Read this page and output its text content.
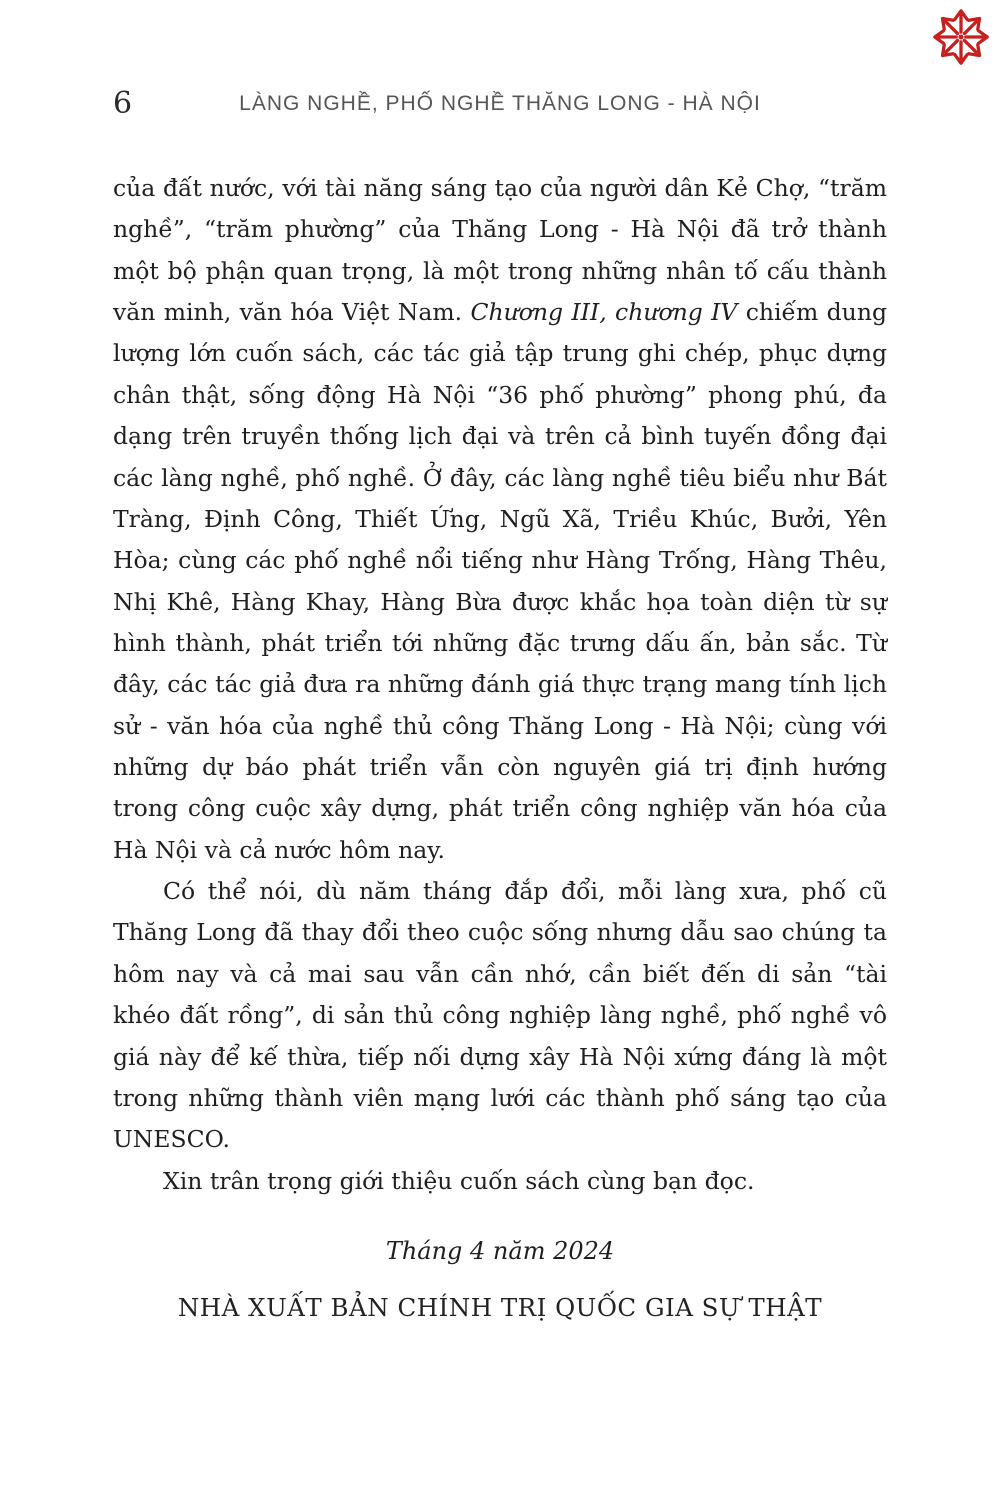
6	LÀNG NGHỀ, PHỐ NGHỀ THĂNG LONG - HÀ NỘI

của đất nước, với tài năng sáng tạo của người dân Kẻ Chợ, “trăm nghề”, “trăm phường” của Thăng Long - Hà Nội đã trở thành một bộ phận quan trọng, là một trong những nhân tố cấu thành văn minh, văn hóa Việt Nam. Chương III, chương IV chiếm dung lượng lớn cuốn sách, các tác giả tập trung ghi chép, phục dựng chân thật, sống động Hà Nội “36 phố phường” phong phú, đa dạng trên truyền thống lịch đại và trên cả bình tuyến đồng đại các làng nghề, phố nghề. Ở đây, các làng nghề tiêu biểu như Bát Tràng, Định Công, Thiết Ứng, Ngũ Xã, Triều Khúc, Bưởi, Yên Hòa; cùng các phố nghề nổi tiếng như Hàng Trống, Hàng Thêu, Nhị Khê, Hàng Khay, Hàng Bừa được khắc họa toàn diện từ sự hình thành, phát triển tới những đặc trưng dấu ấn, bản sắc. Từ đây, các tác giả đưa ra những đánh giá thực trạng mang tính lịch sử - văn hóa của nghề thủ công Thăng Long - Hà Nội; cùng với những dự báo phát triển vẫn còn nguyên giá trị định hướng trong công cuộc xây dựng, phát triển công nghiệp văn hóa của Hà Nội và cả nước hôm nay.

Có thể nói, dù năm tháng đắp đổi, mỗi làng xưa, phố cũ Thăng Long đã thay đổi theo cuộc sống nhưng dẫu sao chúng ta hôm nay và cả mai sau vẫn cần nhớ, cần biết đến di sản “tài khéo đất rồng”, di sản thủ công nghiệp làng nghề, phố nghề vô giá này để kế thừa, tiếp nối dựng xây Hà Nội xứng đáng là một trong những thành viên mạng lưới các thành phố sáng tạo của UNESCO.

Xin trân trọng giới thiệu cuốn sách cùng bạn đọc.

Tháng 4 năm 2024

NHÀ XUẤT BẢN CHÍNH TRỊ QUỐC GIA SỰ THẬT
